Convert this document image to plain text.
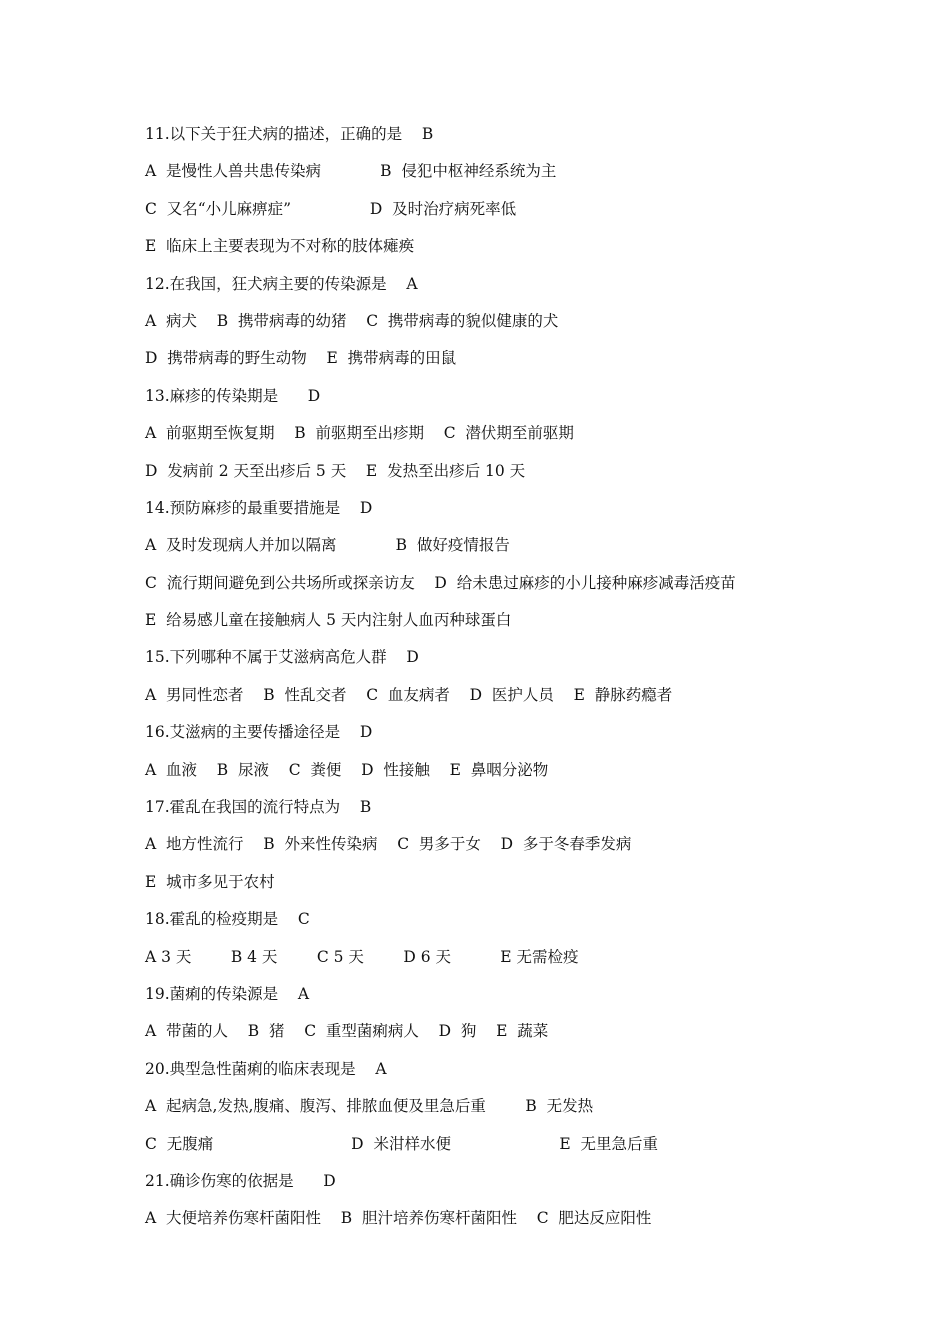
11.以下关于狂犬病的描述，正确的是    B
A  是慢性人兽共患传染病            B  侵犯中枢神经系统为主
C  又名“小儿麻痹症”                D  及时治疗病死率低
E  临床上主要表现为不对称的肢体瘫痪
12.在我国，狂犬病主要的传染源是    A
A  病犬    B  携带病毒的幼猪    C  携带病毒的貌似健康的犬
D  携带病毒的野生动物    E  携带病毒的田鼠
13.麻疹的传染期是      D
A  前驱期至恢复期    B  前驱期至出疹期    C  潜伏期至前驱期
D  发病前 2 天至出疹后 5 天    E  发热至出疹后 10 天
14.预防麻疹的最重要措施是    D
A  及时发现病人并加以隔离            B  做好疫情报告
C  流行期间避免到公共场所或探亲访友    D  给未患过麻疹的小儿接种麻疹减毒活疫苗
E  给易感儿童在接触病人 5 天内注射人血丙种球蛋白
15.下列哪种不属于艾滋病高危人群    D
A  男同性恋者    B  性乱交者    C  血友病者    D  医护人员    E  静脉药瘾者
16.艾滋病的主要传播途径是    D
A  血液    B  尿液    C  粪便    D  性接触    E  鼻咽分泌物
17.霍乱在我国的流行特点为    B
A  地方性流行    B  外来性传染病    C  男多于女    D  多于冬春季发病
E  城市多见于农村
18.霍乱的检疫期是    C
A 3 天        B 4 天        C 5 天        D 6 天          E 无需检疫
19.菌痢的传染源是    A
A  带菌的人    B  猪    C  重型菌痢病人    D  狗    E  蔬菜
20.典型急性菌痢的临床表现是    A
A  起病急,发热,腹痛、腹泻、排脓血便及里急后重        B  无发热
C  无腹痛                            D  米泔样水便                      E  无里急后重
21.确诊伤寒的依据是      D
A  大便培养伤寒杆菌阳性    B  胆汁培养伤寒杆菌阳性    C  肥达反应阳性
